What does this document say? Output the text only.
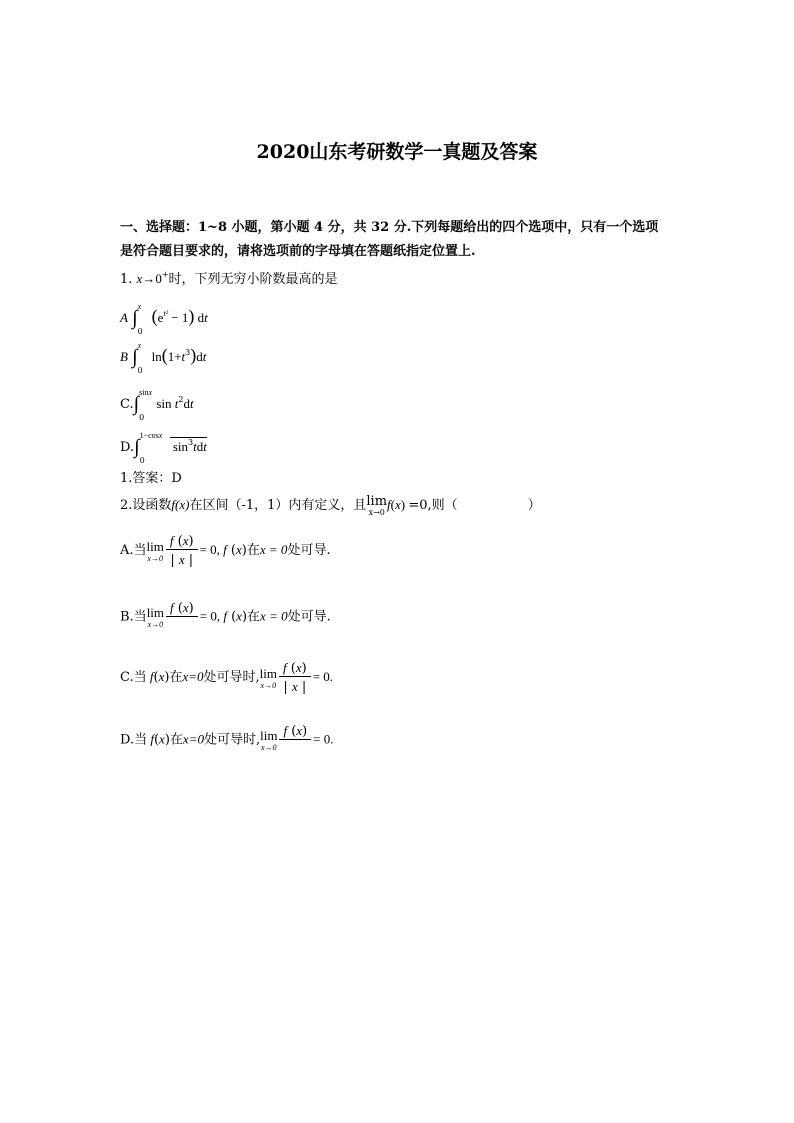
2020山东考研数学一真题及答案
一、选择题：1~8 小题，第小题 4 分，共 32 分.下列每题给出的四个选项中，只有一个选项
是符合题目要求的，请将选项前的字母填在答题纸指定位置上.
1. x→0+时，下列无穷小阶数最高的是
A ∫
x
0
$(e^{t^2} - 1)$ dt
B ∫
x
0
$\ln(1+t^3)dt$
C.∫
sinx
0
$\sin t^2dt$
D.∫
1−cosx
0
$\sin^3tdt$
1.答案：D
2.设函数f(x)在区间（-1，1）内有定义，且 lim
x→0
f(x) =0,则（	）
A.当 lim
$x\to 0 \frac{f (x)}{| x |} = 0$, f (x)在x = 0处可导.
B.当 lim
x→0
f (x)
= 0, f (x)在x = 0处可导.
C.当 f(x)在x=0处可导时, lim
$x\to 0 \frac{f (x)}{| x |} = 0$.
D.当 f(x)在x=0处可导时, lim
x→0
f (x)
= 0.
